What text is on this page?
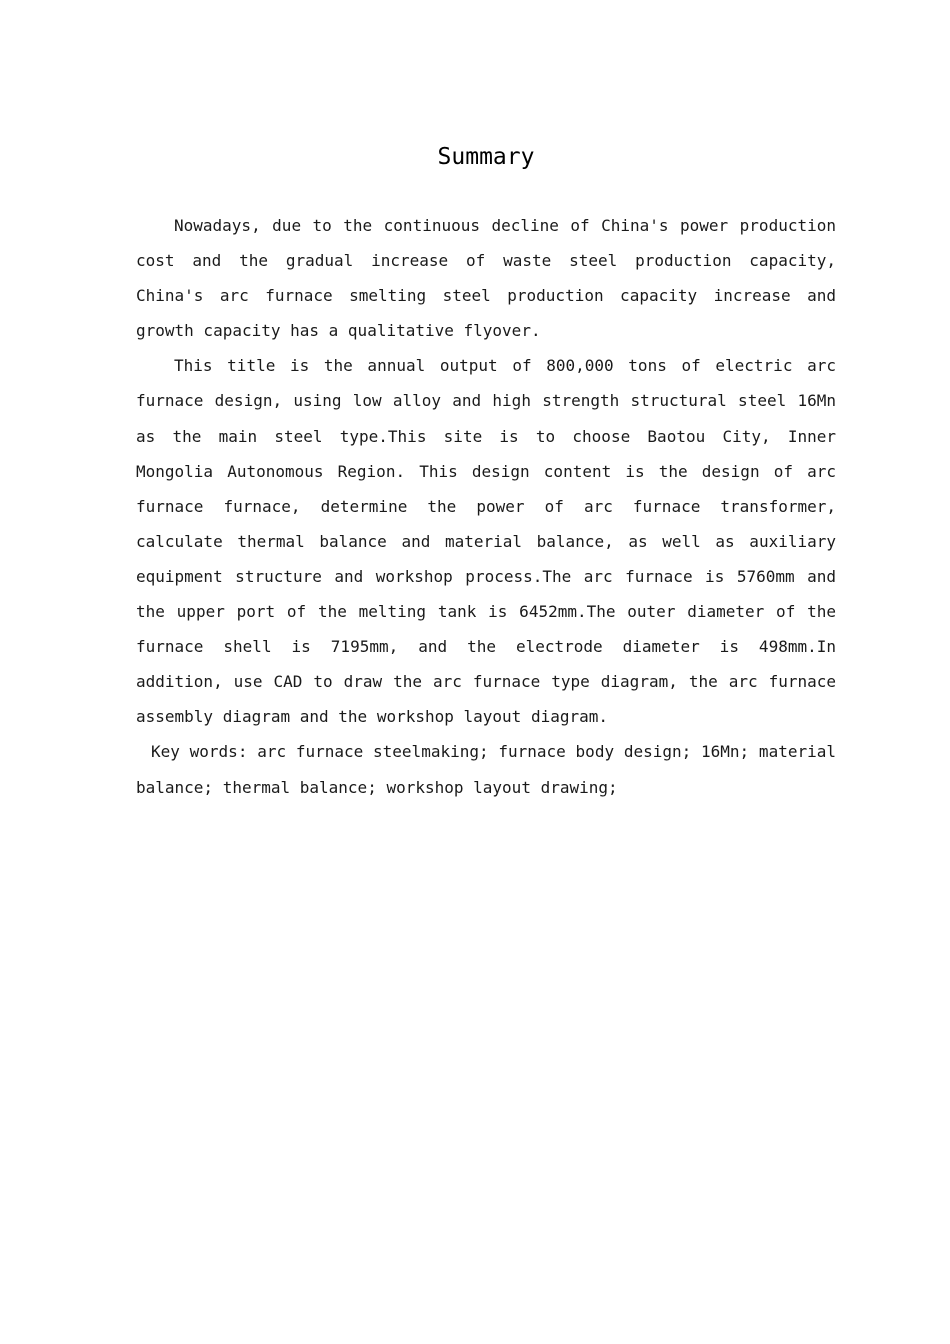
Summary

Nowadays, due to the continuous decline of China's power production cost and the gradual increase of waste steel production capacity, China's arc furnace smelting steel production capacity increase and growth capacity has a qualitative flyover.

This title is the annual output of 800,000 tons of electric arc furnace design, using low alloy and high strength structural steel 16Mn as the main steel type.This site is to choose Baotou City, Inner Mongolia Autonomous Region. This design content is the design of arc furnace furnace, determine the power of arc furnace transformer, calculate thermal balance and material balance, as well as auxiliary equipment structure and workshop process.The arc furnace is 5760mm and the upper port of the melting tank is 6452mm.The outer diameter of the furnace shell is 7195mm, and the electrode diameter is 498mm.In addition, use CAD to draw the arc furnace type diagram, the arc furnace assembly diagram and the workshop layout diagram.

Key words: arc furnace steelmaking; furnace body design; 16Mn; material balance; thermal balance; workshop layout drawing;
